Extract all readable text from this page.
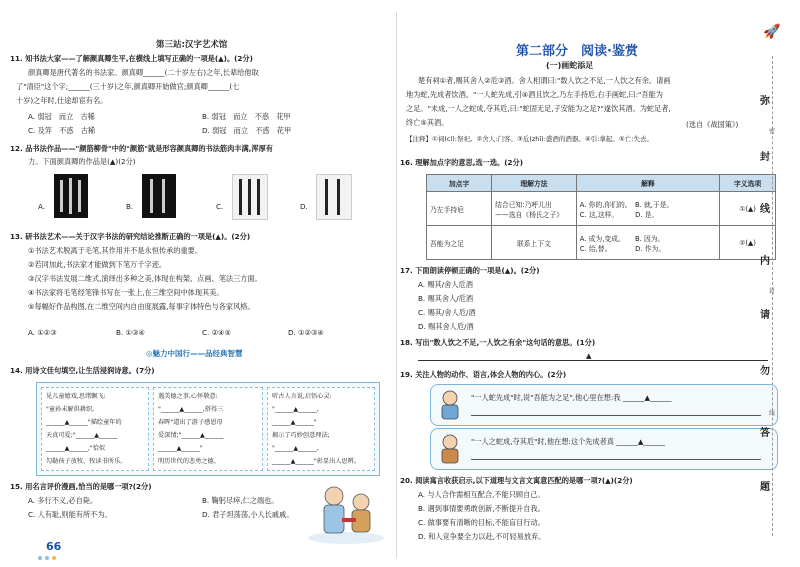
第三站:汉字艺术馆
11. 知书法大家——了解颜真卿生平,在横线上填写正确的一项是(▲)。(2分)
颜真卿是唐代著名的书法家。颜真卿______(二十岁左右)之年,长辈给他取
了"清臣"这个字;______(三十岁)之年,颜真卿开始做官;颜真卿______(七
十岁)之年时,仕途却宦有名。
A. 弱冠　而立　古稀	B. 弱冠　而立　不惑　花甲
C. 及笄　不惑　古稀	D. 弱冠　而立　不惑　花甲
12. 品书法作品——"颜筋柳骨"中的"颜筋"就是形容颜真卿的书法筋肉丰满,浑厚有
力。下面颜真卿的作品是(▲)(2分)
A.	B.	C.	D.
13. 研书法艺术——关于汉字书法的研究结论推断正确的一项是(▲)。(2分)
①书法艺术脱离于毛笔,其作用并不是永恒传承的重要。
②若同加此,书法家才能做到下笔万千字迹。
③汉字书法发展二维式,演绎出多种之美,体现在构架、点画、笔法三方面。
④书法家将毛笔经笔锋书写在一张上,在三维空间中体现其美。
⑤每幅好作品构图,在二维空间内自由度展露,每事字体特色与各家风格。
A. ①②③	B. ①③④	C. ②④⑤	D. ①②③④
◎魅力中国行——品经典智慧
14. 用诗文佳句填空,让生活浸润诗意。(7分)
见儿童嬉戏,思绪飘飞:
"童孙未解供耕织,
______▲______"描绘童年的
天真可爱;"______▲______
______▲______,"恰似
勾勒孩子放牧、牧读书所乐。
遇美德之事,心怀敬意:
"______▲______,搭得三
春晖"道出了游子感恩母
爱深情;"______▲______
______▲______"
明历世代的悲勇之德。
听古人言说,启悟心灵:
"______▲______,
______▲______"
揭示了巧妙创意理法;
"______▲______,
______▲______"彰显出人思辨。
15. 用名言评价漫画,恰当的是哪一项?(2分)
A. 多行不义,必自毙。	B. 鞠躬尽瘁,仁之端也。
C. 人有耻,则能有所不为。	D. 君子坦荡荡,小人长戚戚。
66
第二部分　阅读·鉴赏
(一)画蛇添足
楚有祠①者,赐其舍人②卮③酒。舍人相谓曰:"数人饮之不足,一人饮之有余。请画
地为蛇,先成者饮酒。"一人蛇先成,引④酒且饮之,乃左手持卮,右手画蛇,曰:"吾能为
之足。"未成,一人之蛇成,夺其卮,曰:"蛇固无足,子安能为之足?"遂饮其酒。为蛇足者,
终亡⑤其酒。	(选自《战国策》)
【注释】①祠(cí):祭祀。②舍人:门客。③卮(zhī):盛酒的酒器。④引:拿起。⑤亡:失去。
16. 理解加点字的意思,选一选。(2分)
加点字	理解方法	解释	字义选项
乃左手持卮	结合已知:乃呼儿出
——选自《杨氏之子》	A. 你的,你们的。　B. 就,于是。
C. 这,这样。　　　D. 是。	①(▲)
吾能为之足	联系上下文	A. 成为,变成。　　B. 因为。
C. 给,替。　　　　D. 作为。	②(▲)
17. 下面朗读停顿正确的一项是(▲)。(2分)
A. 赐其/舍人卮酒
B. 赐其舍人/卮酒
C. 赐其/舍人卮/酒
D. 赐其舍人卮/酒
18. 写出"数人饮之不足,一人饮之有余"这句话的意思。(1分)
▲
19. 关注人物的动作、语言,体会人物的内心。(2分)
"一人蛇先成"时,说"吾能为之足",他心里在想:我 ______▲______
"一人之蛇成,夺其卮"时,他在想:这个先成者真 ______▲______
20. 阅读寓言收获启示,以下道理与文言文寓意匹配的是哪一项?(▲)(2分)
A. 与人合作需相互配合,不能只顾自己。
B. 遇到事情要勇敢创新,不断提升自我。
C. 做事要有清晰的目标,不能盲目行动。
D. 和人竞争要全力以赴,不可轻易放弃。
🚀
弥
密
封
线
内
封
请
勿
线
答
题
